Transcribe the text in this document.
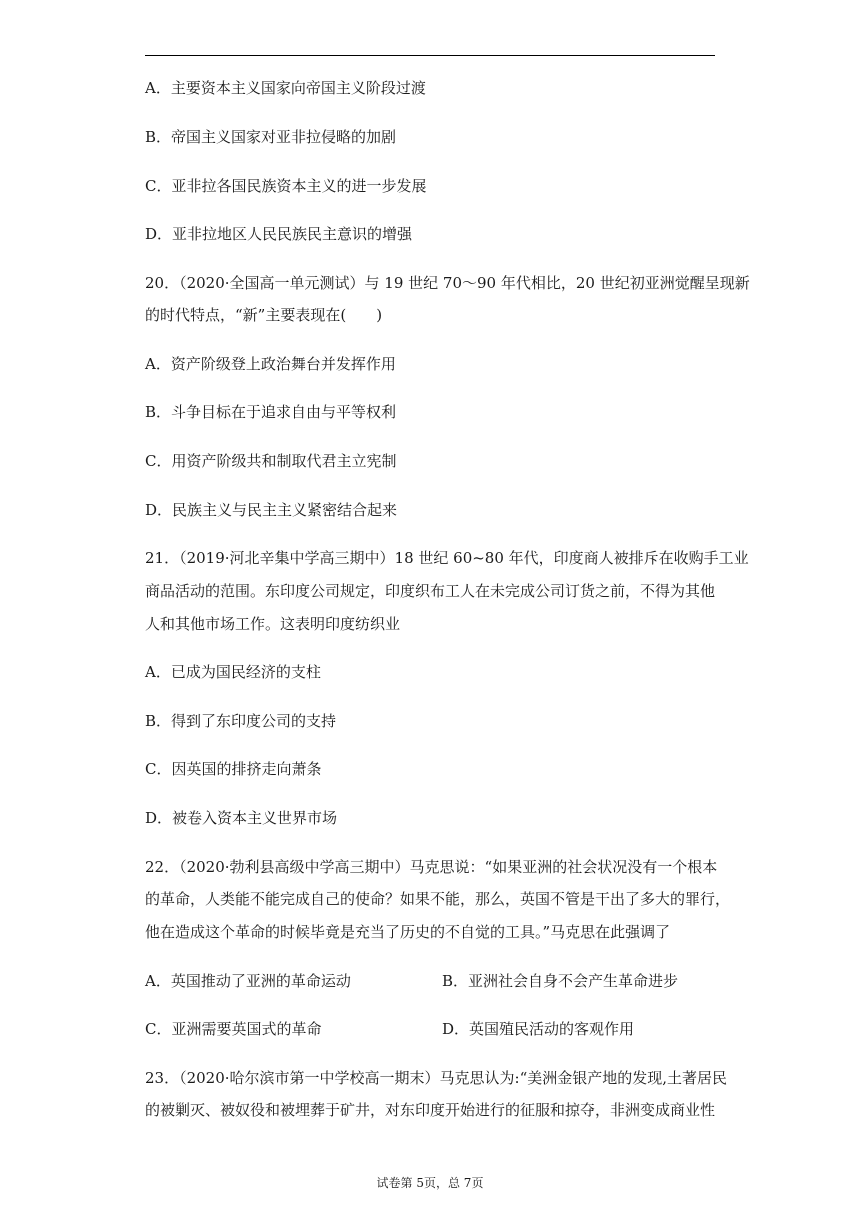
A．主要资本主义国家向帝国主义阶段过渡
B．帝国主义国家对亚非拉侵略的加剧
C．亚非拉各国民族资本主义的进一步发展
D．亚非拉地区人民民族民主意识的增强
20．（2020·全国高一单元测试）与 19 世纪 70～90 年代相比，20 世纪初亚洲觉醒呈现新
的时代特点，“新”主要表现在(　　)
A．资产阶级登上政治舞台并发挥作用
B．斗争目标在于追求自由与平等权利
C．用资产阶级共和制取代君主立宪制
D．民族主义与民主主义紧密结合起来
21．（2019·河北辛集中学高三期中）18 世纪 60~80 年代，印度商人被排斥在收购手工业
商品活动的范围。东印度公司规定，印度织布工人在未完成公司订货之前，不得为其他
人和其他市场工作。这表明印度纺织业
A．已成为国民经济的支柱
B．得到了东印度公司的支持
C．因英国的排挤走向萧条
D．被卷入资本主义世界市场
22．（2020·勃利县高级中学高三期中）马克思说：“如果亚洲的社会状况没有一个根本
的革命，人类能不能完成自己的使命？如果不能，那么，英国不管是干出了多大的罪行，
他在造成这个革命的时候毕竟是充当了历史的不自觉的工具。”马克思在此强调了
A．英国推动了亚洲的革命运动	B．亚洲社会自身不会产生革命进步
C．亚洲需要英国式的革命	D．英国殖民活动的客观作用
23．（2020·哈尔滨市第一中学校高一期末）马克思认为:“美洲金银产地的发现,土著居民
的被剿灭、被奴役和被埋葬于矿井，对东印度开始进行的征服和掠夺，非洲变成商业性
试卷第 5页，总 7页
